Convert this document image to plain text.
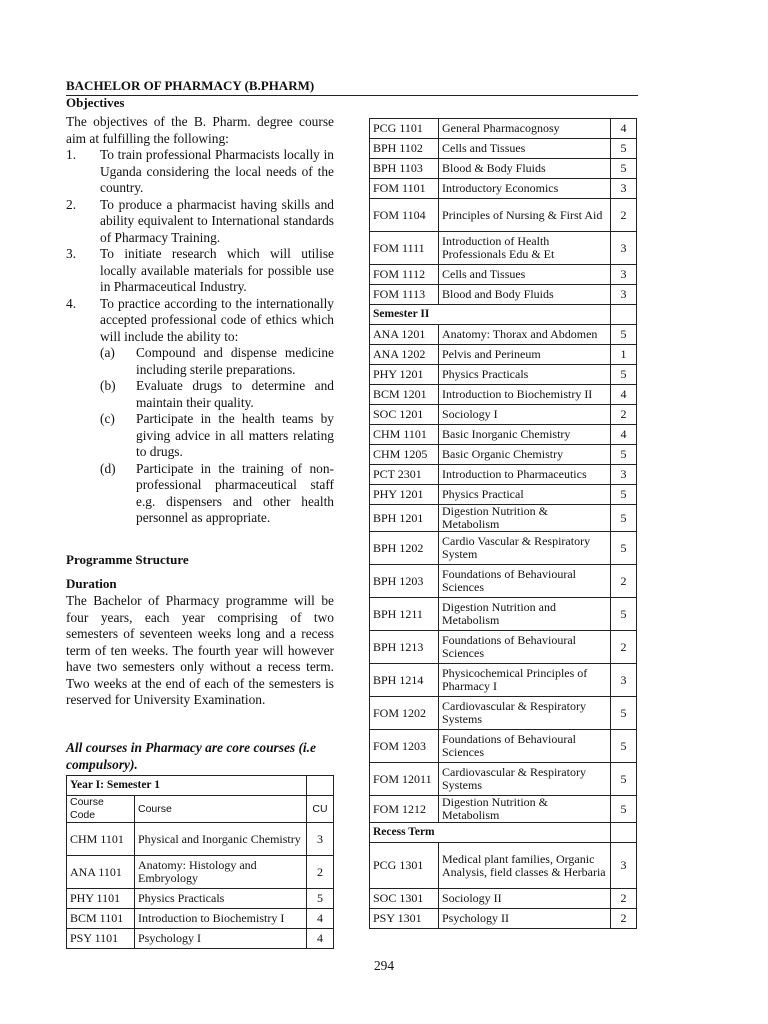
BACHELOR OF PHARMACY (B.PHARM)
Objectives

The objectives of the B. Pharm. degree course aim at fulfilling the following:

1.	To train professional Pharmacists locally in Uganda considering the local needs of the country.
2.	To produce a pharmacist having skills and ability equivalent to International standards of Pharmacy Training.
3.	To initiate research which will utilise locally available materials for possible use in Pharmaceutical Industry.
4.	To practice according to the internationally accepted professional code of ethics which will include the ability to:
(a)	Compound and dispense medicine including sterile preparations.
(b)	Evaluate drugs to determine and maintain their quality.
(c)	Participate in the health teams by giving advice in all matters relating to drugs.
(d)	Participate in the training of non-professional pharmaceutical staff e.g. dispensers and other health personnel as appropriate.
Programme Structure
Duration
The Bachelor of Pharmacy programme will be four years, each year comprising of two semesters of seventeen weeks long and a recess term of ten weeks. The fourth year will however have two semesters only without a recess term. Two weeks at the end of each of the semesters is reserved for University Examination.
All courses in Pharmacy are core courses (i.e compulsory).
Year I: Semester 1		
Course Code	Course	CU
CHM 1101	Physical and Inorganic Chemistry	3
ANA 1101	Anatomy: Histology and Embryology	2
PHY 1101	Physics Practicals	5
BCM 1101	Introduction to Biochemistry I	4
PSY 1101	Psychology I	4
PCG 1101	General Pharmacognosy	4
BPH 1102	Cells and Tissues	5
BPH 1103	Blood & Body Fluids	5
FOM 1101	Introductory Economics	3
FOM 1104	Principles of Nursing & First Aid	2
FOM 1111	Introduction of Health Professionals Edu & Et	3
FOM 1112	Cells and Tissues	3
FOM 1113	Blood and Body Fluids	3
Semester II		
ANA 1201	Anatomy: Thorax and Abdomen	5
ANA 1202	Pelvis and Perineum	1
PHY 1201	Physics Practicals	5
BCM 1201	Introduction to Biochemistry II	4
SOC 1201	Sociology I	2
CHM 1101	Basic Inorganic Chemistry	4
CHM 1205	Basic Organic Chemistry	5
PCT 2301	Introduction to Pharmaceutics	3
PHY 1201	Physics Practical	5
BPH 1201	Digestion Nutrition & Metabolism	5
BPH 1202	Cardio Vascular & Respiratory System	5
BPH 1203	Foundations of Behavioural Sciences	2
BPH 1211	Digestion Nutrition and Metabolism	5
BPH 1213	Foundations of Behavioural Sciences	2
BPH 1214	Physicochemical Principles of Pharmacy I	3
FOM 1202	Cardiovascular & Respiratory Systems	5
FOM 1203	Foundations of Behavioural Sciences	5
FOM 12011	Cardiovascular & Respiratory Systems	5
FOM 1212	Digestion Nutrition & Metabolism	5
Recess Term		
PCG 1301	Medical plant families, Organic Analysis, field classes & Herbaria	3
SOC 1301	Sociology II	2
PSY 1301	Psychology II	2
294
